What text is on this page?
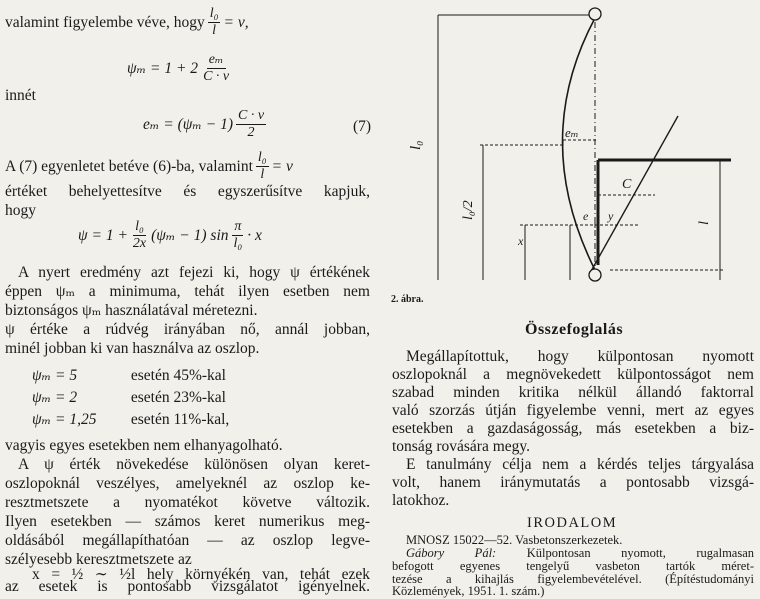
valamint figyelembe véve, hogy $\frac{\text{l₀}}{l} = \nu$,
$\psi_m = 1 + 2 \frac{\text{eₘ}}{C \cdot \nu}$
innét
$e_m = (\psi_m - 1) \frac{C \cdot \nu}{2}$	(7)
A (7) egyenletet betéve (6)-ba, valamint $\frac{\text{l₀}}{l} = \nu$
értéket behelyettesítve és egyszerűsítve kapjuk,
hogy
$\psi = 1 + \frac{\text{l₀}}{2x} (\psi_m - 1)$ $\sin \frac{\pi}{\text{l₀}} \cdot x$
A nyert eredmény azt fejezi ki, hogy ψ értékének
éppen ψₘ a minimuma, tehát ilyen esetben nem
biztonságos ψₘ használatával méretezni.
ψ értéke a rúdvég irányában nő, annál jobban,
minél jobban ki van használva az oszlop.
ψₘ = 5	esetén 45%-kal
ψₘ = 2	esetén 23%-kal
ψₘ = 1,25 esetén 11%-kal,
vagyis egyes esetekben nem elhanyagolható.
A ψ érték növekedése különösen olyan keret-
oszlopoknál veszélyes, amelyeknél az oszlop ke-
resztmetszete a nyomatékot követve változik.
Ilyen esetekben — számos keret numerikus meg-
oldásából megállapíthatóan — az oszlop legve-
szélyesebb keresztmetszete az
x = ½ ∼ ½l hely környékén van, tehát ezek
az esetek is pontosabb vizsgálatot igényelnek.
l₀
l₀/2
eₘ
C
e y
x
l
2. ábra.
Összefoglalás
Megállapítottuk, hogy külpontosan nyomott
oszlopoknál a megnövekedett külpontosságot nem
szabad minden kritika nélkül állandó faktorral
való szorzás útján figyelembe venni, mert az egyes
esetekben a gazdaságosság, más esetekben a biz-
tonság rovására megy.
E tanulmány célja nem a kérdés teljes tárgyalása
volt, hanem iránymutatás a pontosabb vizsgá-
latokhoz.
IRODALOM
MNOSZ 15022—52. Vasbetonszerkezetek.
Gábory Pál: Külpontosan nyomott, rugalmasan
befogott egyenes tengelyű vasbeton tartók méret-
tezése a kihajlás figyelembevételével. (Építéstudományi
Közlemények, 1951. 1. szám.)
